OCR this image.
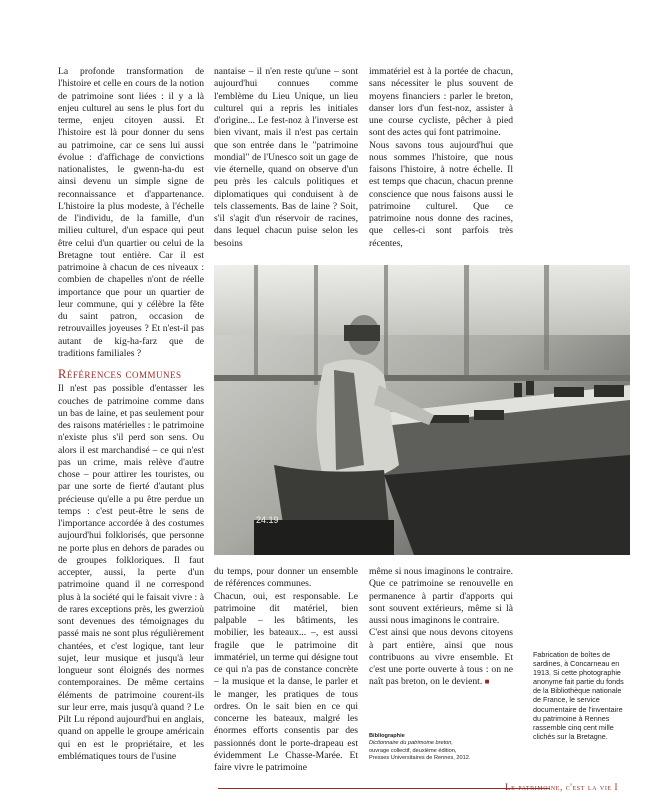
La profonde transformation de l'histoire et celle en cours de la notion de patrimoine sont liées : il y a là enjeu culturel au sens le plus fort du terme, enjeu citoyen aussi. Et l'histoire est là pour donner du sens au patrimoine, car ce sens lui aussi évolue : d'affichage de convictions nationalistes, le gwenn-ha-du est ainsi devenu un simple signe de reconnaissance et d'appartenance. L'histoire la plus modeste, à l'échelle de l'individu, de la famille, d'un milieu culturel, d'un espace qui peut être celui d'un quartier ou celui de la Bretagne tout entière. Car il est patrimoine à chacun de ces niveaux : combien de chapelles n'ont de réelle importance que pour un quartier de leur commune, qui y célèbre la fête du saint patron, occasion de retrouvailles joyeuses ? Et n'est-il pas autant de kig-ha-farz que de traditions familiales ?

Références communes

Il n'est pas possible d'entasser les couches de patrimoine comme dans un bas de laine, et pas seulement pour des raisons matérielles : le patrimoine n'existe plus s'il perd son sens. Ou alors il est marchandisé – ce qui n'est pas un crime, mais relève d'autre chose – pour attirer les touristes, ou par une sorte de fierté d'autant plus précieuse qu'elle a pu être perdue un temps : c'est peut-être le sens de l'importance accordée à des costumes aujourd'hui folklorisés, que personne ne porte plus en dehors de parades ou de groupes folkloriques. Il faut accepter, aussi, la perte d'un patrimoine quand il ne correspond plus à la société qui le faisait vivre : à de rares exceptions près, les gwerzioù sont devenues des témoignages du passé mais ne sont plus régulièrement chantées, et c'est logique, tant leur sujet, leur musique et jusqu'à leur longueur sont éloignés des normes contemporaines. De même certains éléments de patrimoine courent-ils sur leur erre, mais jusqu'à quand ? Le Pilt Lu répond aujourd'hui en anglais, quand on appelle le groupe américain qui en est le propriétaire, et les emblématiques tours de l'usine

nantaise – il n'en reste qu'une – sont aujourd'hui connues comme l'emblème du Lieu Unique, un lieu culturel qui a repris les initiales d'origine... Le fest-noz à l'inverse est bien vivant, mais il n'est pas certain que son entrée dans le "patrimoine mondial" de l'Unesco soit un gage de vie éternelle, quand on observe d'un peu près les calculs politiques et diplomatiques qui conduisent à de tels classements. Bas de laine ? Soit, s'il s'agit d'un réservoir de racines, dans lequel chacun puise selon les besoins

immatériel est à la portée de chacun, sans nécessiter le plus souvent de moyens financiers : parler le breton, danser lors d'un fest-noz, assister à une course cycliste, pêcher à pied sont des actes qui font patrimoine.

Nous savons tous aujourd'hui que nous sommes l'histoire, que nous faisons l'histoire, à notre échelle. Il est temps que chacun, chacun prenne conscience que nous faisons aussi le patrimoine culturel. Que ce patrimoine nous donne des racines, que celles-ci sont parfois très récentes,

24.19

du temps, pour donner un ensemble de références communes.

Chacun, oui, est responsable. Le patrimoine dit matériel, bien palpable – les bâtiments, les mobilier, les bateaux... –, est aussi fragile que le patrimoine dit immatériel, un terme qui désigne tout ce qui n'a pas de constance concrète – la musique et la danse, le parler et le manger, les pratiques de tous ordres. On le sait bien en ce qui concerne les bateaux, malgré les énormes efforts consentis par des passionnés dont le porte-drapeau est évidemment Le Chasse-Marée. Et faire vivre le patrimoine

même si nous imaginons le contraire. Que ce patrimoine se renouvelle en permanence à partir d'apports qui sont souvent extérieurs, même si là aussi nous imaginons le contraire.

C'est ainsi que nous devons citoyens à part entière, ainsi que nous contribuons au vivre ensemble. Et c'est une porte ouverte à tous : on ne naît pas breton, on le devient. ■

Bibliographie
Dictionnaire du patrimoine breton,
ouvrage collectif, deuxième édition,
Presses Universitaires de Rennes, 2012.
Fabrication de boîtes de sardines, à Concarneau en 1913. Si cette photographie anonyme fait partie du fonds de la Bibliothèque nationale de France, le service documentaire de l'inventaire du patrimoine à Rennes rassemble cinq cent mille clichés sur la Bretagne.
Le patrimoine, c'est la vie I
